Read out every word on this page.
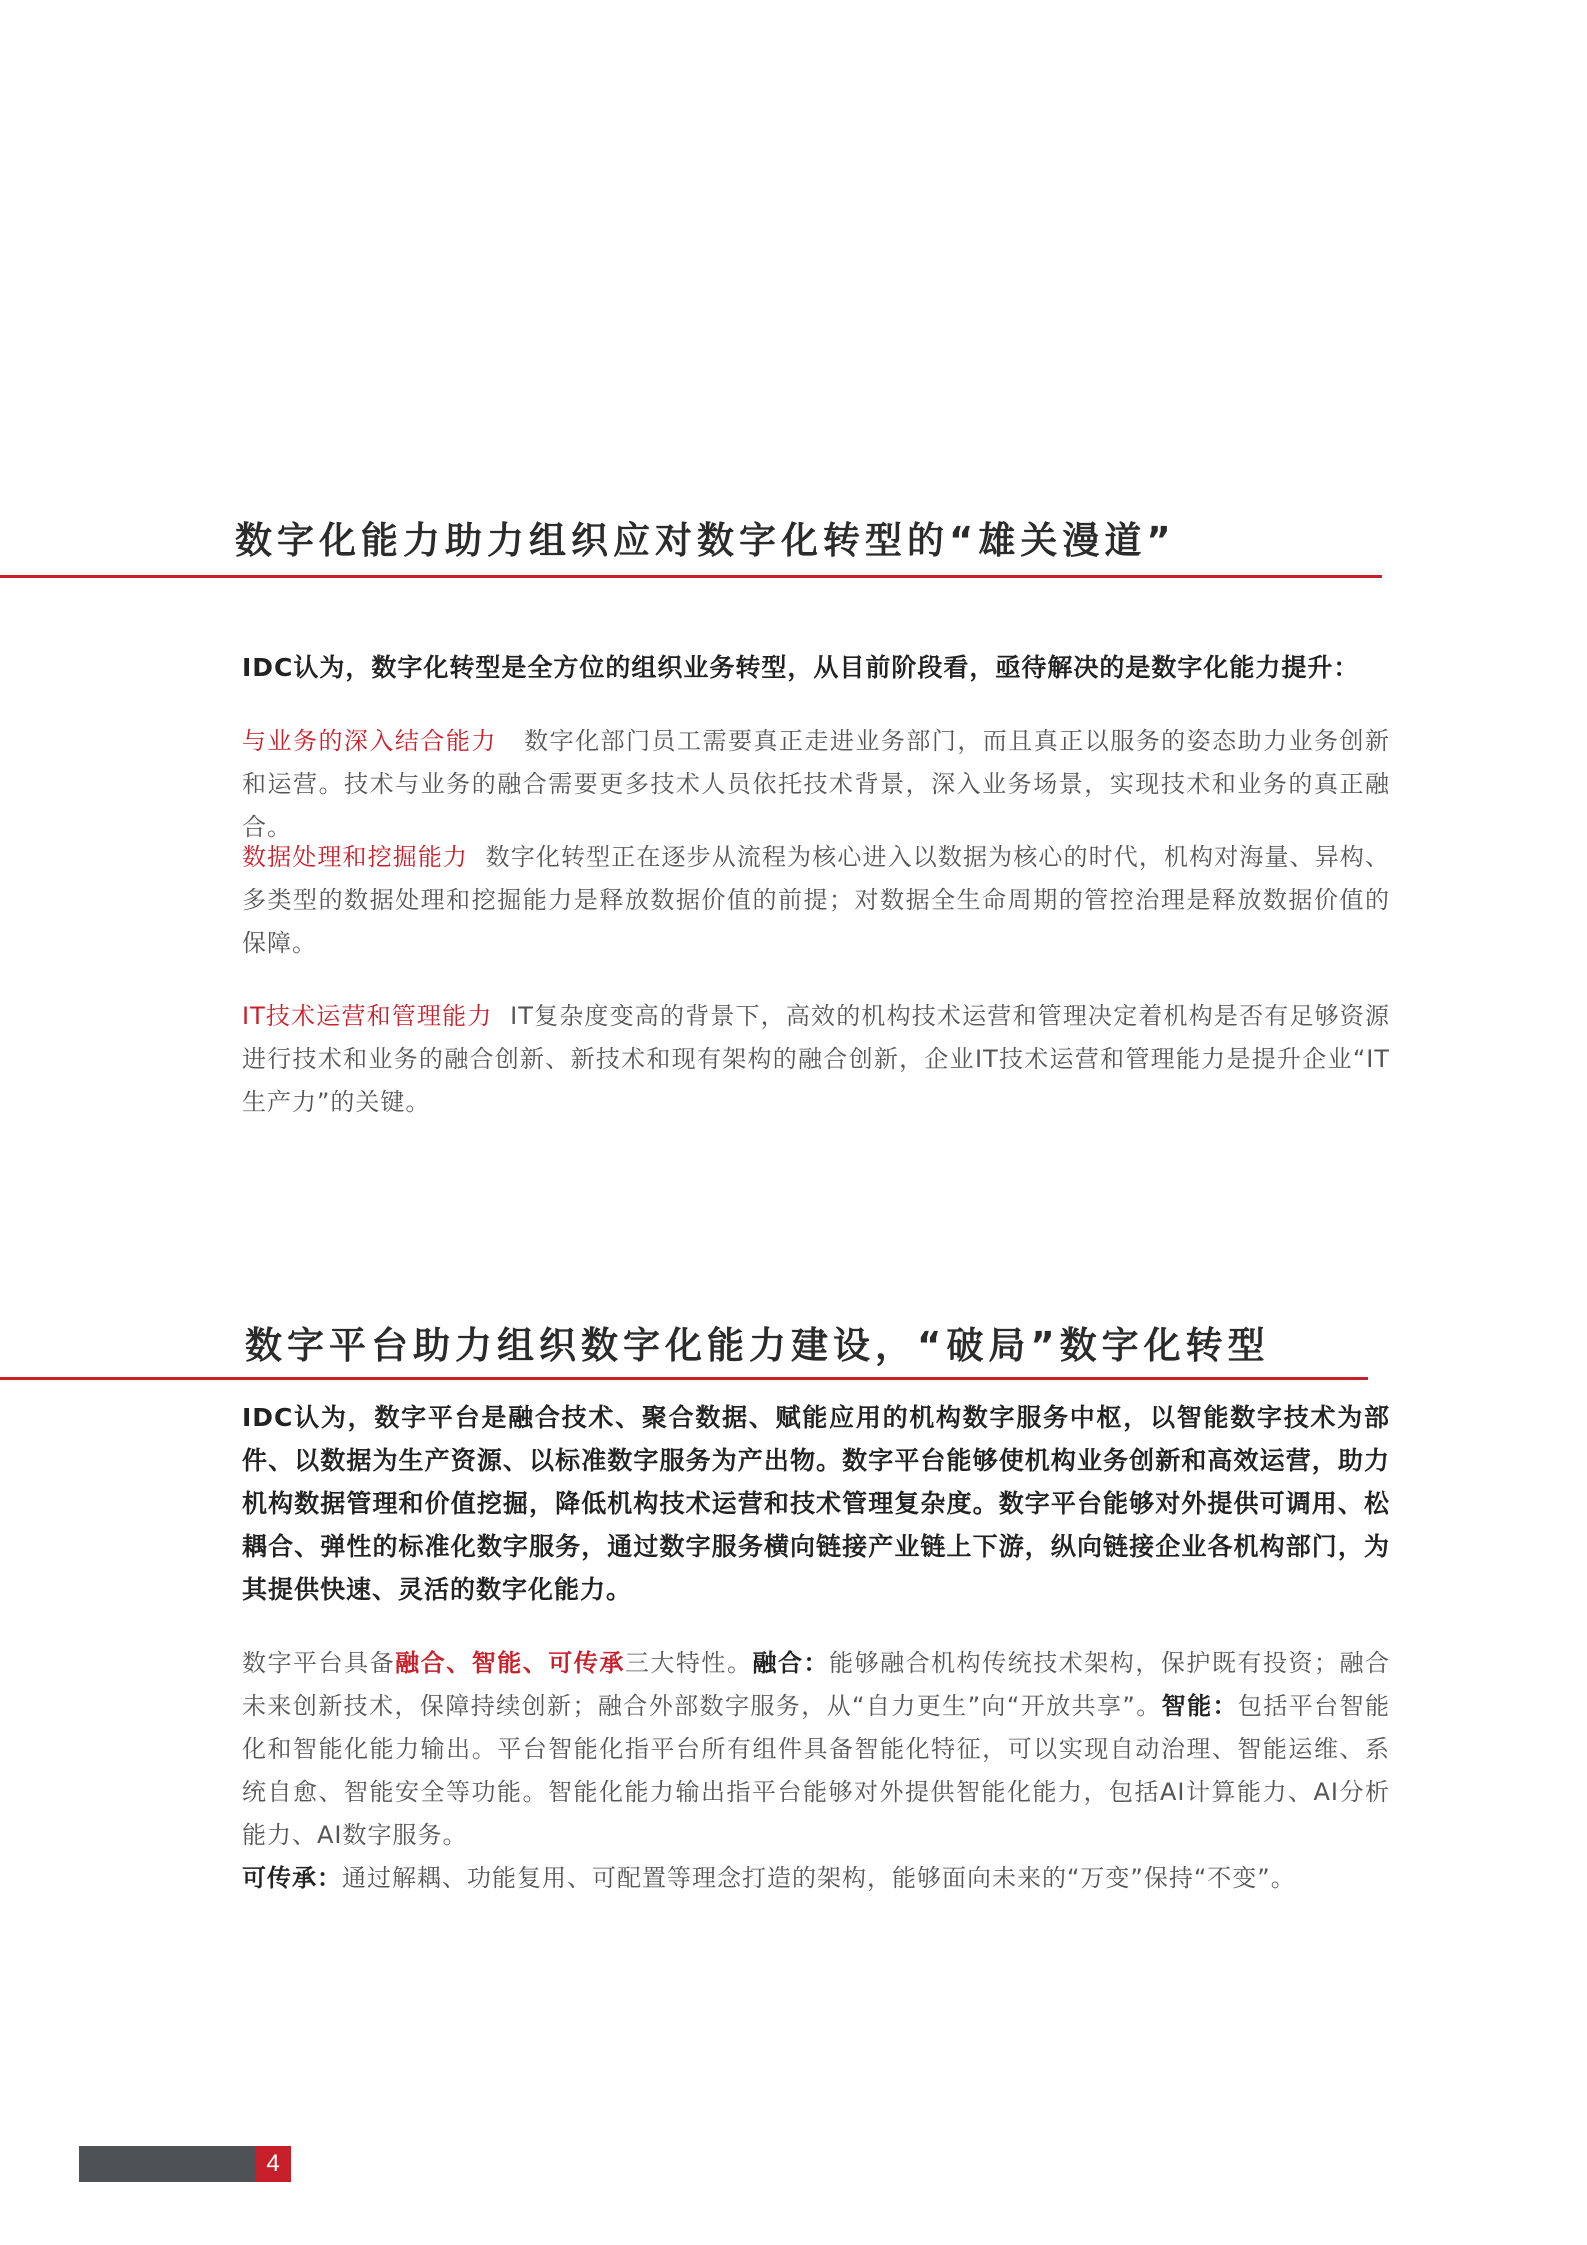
数字化能力助力组织应对数字化转型的“雄关漫道”
IDC认为，数字化转型是全方位的组织业务转型，从目前阶段看，亟待解决的是数字化能力提升：
与业务的深入结合能力 数字化部门员工需要真正走进业务部门，而且真正以服务的姿态助力业务创新和运营。技术与业务的融合需要更多技术人员依托技术背景，深入业务场景，实现技术和业务的真正融合。
数据处理和挖掘能力 数字化转型正在逐步从流程为核心进入以数据为核心的时代，机构对海量、异构、多类型的数据处理和挖掘能力是释放数据价值的前提；对数据全生命周期的管控治理是释放数据价值的保障。
IT技术运营和管理能力 IT复杂度变高的背景下，高效的机构技术运营和管理决定着机构是否有足够资源进行技术和业务的融合创新、新技术和现有架构的融合创新，企业IT技术运营和管理能力是提升企业“IT生产力”的关键。
数字平台助力组织数字化能力建设，“破局”数字化转型
IDC认为，数字平台是融合技术、聚合数据、赋能应用的机构数字服务中枢，以智能数字技术为部件、以数据为生产资源、以标准数字服务为产出物。数字平台能够使机构业务创新和高效运营，助力机构数据管理和价值挖掘，降低机构技术运营和技术管理复杂度。数字平台能够对外提供可调用、松耦合、弹性的标准化数字服务，通过数字服务横向链接产业链上下游，纵向链接企业各机构部门，为其提供快速、灵活的数字化能力。
数字平台具备融合、智能、可传承三大特性。融合：能够融合机构传统技术架构，保护既有投资；融合未来创新技术，保障持续创新；融合外部数字服务，从“自力更生”向“开放共享”。智能：包括平台智能化和智能化能力输出。平台智能化指平台所有组件具备智能化特征，可以实现自动治理、智能运维、系统自愈、智能安全等功能。智能化能力输出指平台能够对外提供智能化能力，包括AI计算能力、AI分析能力、AI数字服务。
可传承：通过解耦、功能复用、可配置等理念打造的架构，能够面向未来的“万变”保持“不变”。
4
